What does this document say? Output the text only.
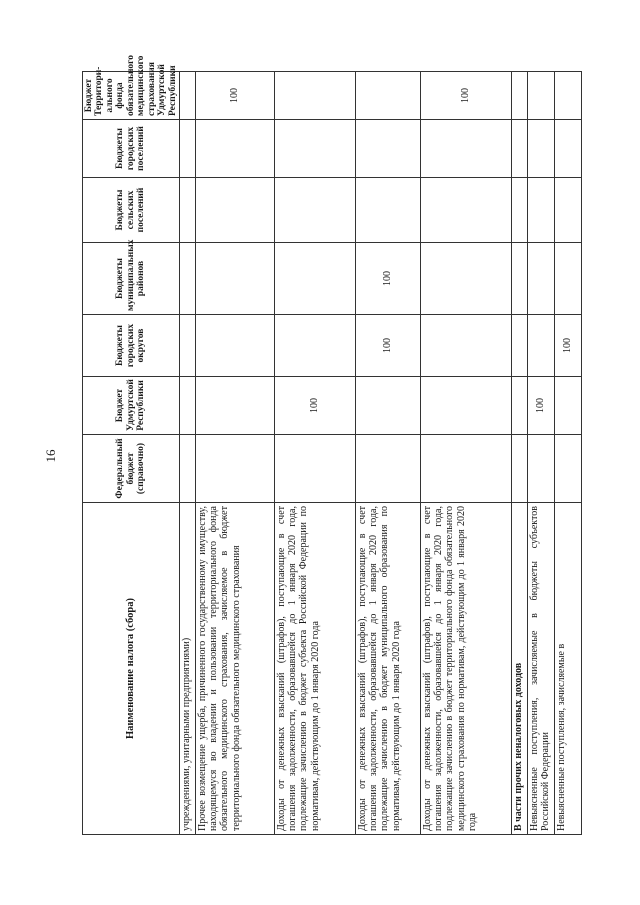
16
Наименование налога (сбора)	Федеральный бюджет (справочно)	Бюджет Удмуртской Республики	Бюджеты городских округов	Бюджеты муниципальных районов	Бюджеты сельских поселений	Бюджеты городских поселений	Бюджет Территори-ального фонда обязательного медицинского страхования Удмуртской Республики
учреждениями, унитарными предприятиями)							
Прочее возмещение ущерба, причиненного государственному имуществу, находящемуся во владении и пользовании территориального фонда обязательного медицинского страхования, зачисляемое в бюджет территориального фонда обязательного медицинского страхования							100
Доходы от денежных взысканий (штрафов), поступающие в счет погашения задолженности, образовавшейся до 1 января 2020 года, подлежащие зачислению в бюджет субъекта Российской Федерации по нормативам, действующим до 1 января 2020 года		100					
Доходы от денежных взысканий (штрафов), поступающие в счет погашения задолженности, образовавшейся до 1 января 2020 года, подлежащие зачислению в бюджет муниципального образования по нормативам, действующим до 1 января 2020 года			100	100			
Доходы от денежных взысканий (штрафов), поступающие в счет погашения задолженности, образовавшейся до 1 января 2020 года, подлежащие зачислению в бюджет территориального фонда обязательного медицинского страхования по нормативам, действующим до 1 января 2020 года							100
В части прочих неналоговых доходов							
Невыясненные поступления, зачисляемые в бюджеты субъектов Российской Федерации		100					
Невыясненные поступления, зачисляемые в			100				
